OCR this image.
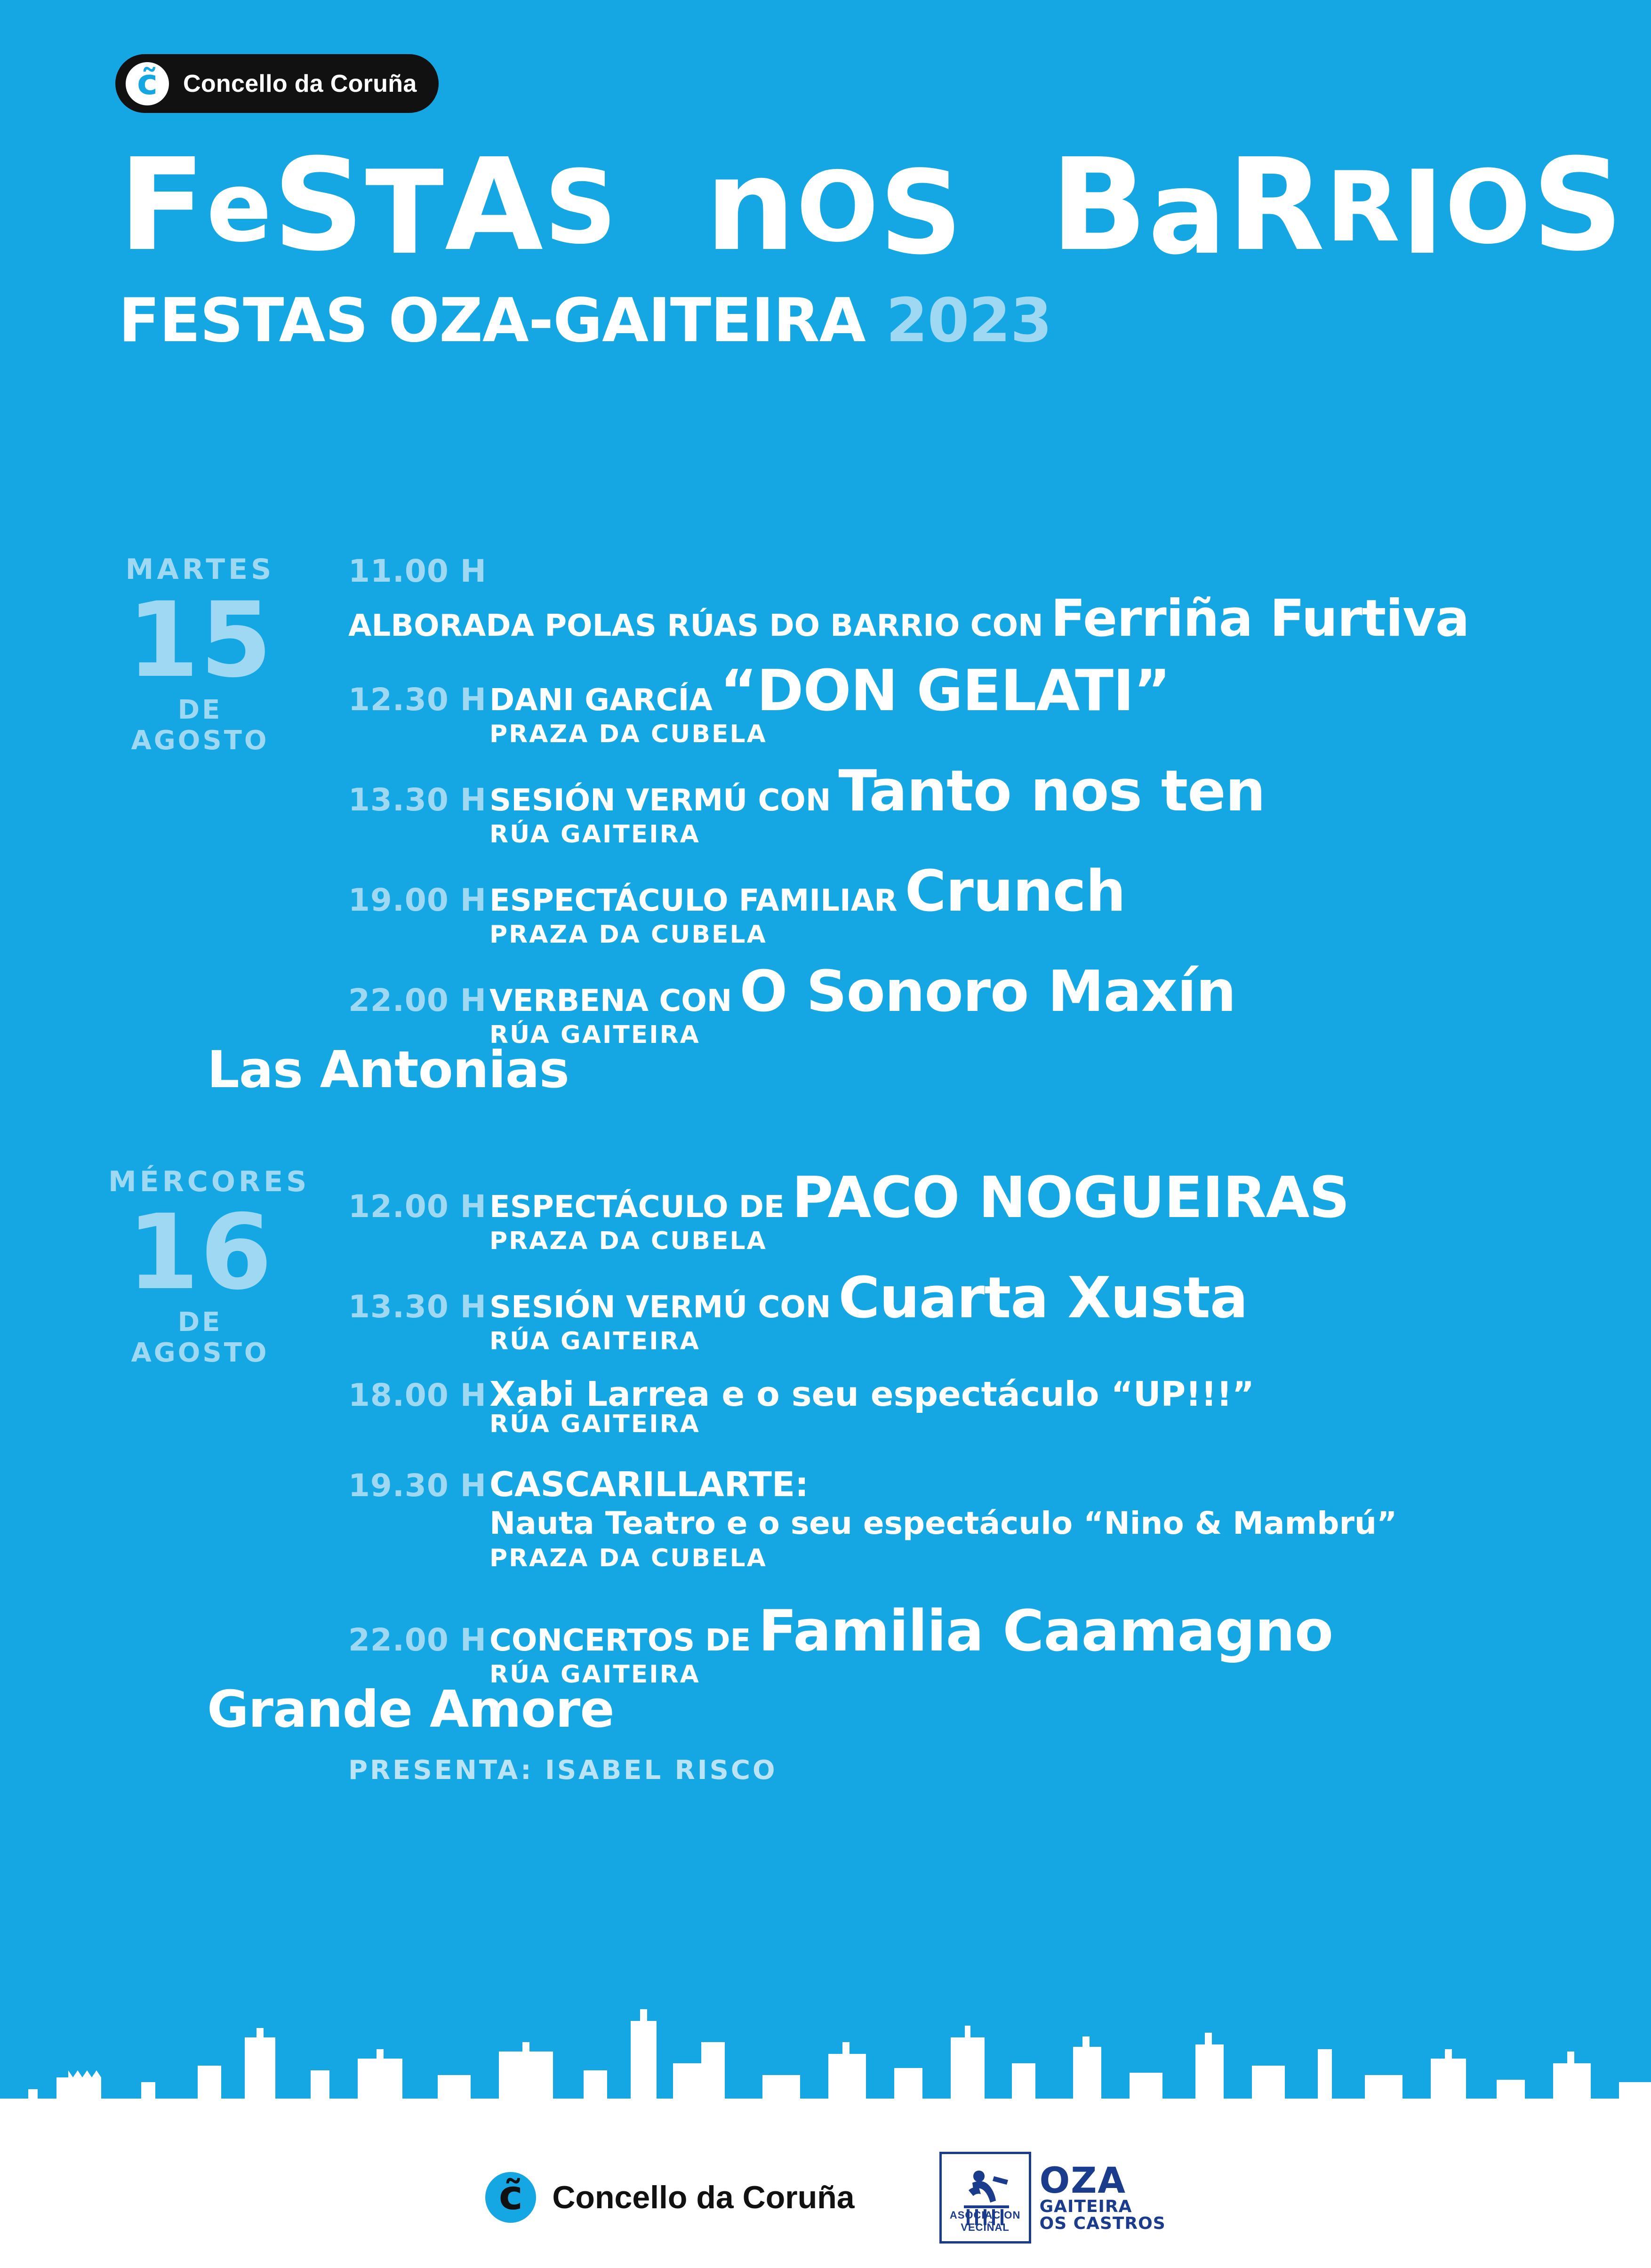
c̃ Concello da Coruña
FeSTAS nOS BaRRIOS
FESTAS OZA-GAITEIRA 2023
MARTES
15
DE AGOSTO
11.00 H
ALBORADA POLAS RÚAS DO BARRIO CON Ferriña Furtiva
12.30 H DANI GARCÍA “DON GELATI”
PRAZA DA CUBELA
13.30 H SESIÓN VERMÚ CON Tanto nos ten
RÚA GAITEIRA
19.00 H ESPECTÁCULO FAMILIAR Crunch
PRAZA DA CUBELA
22.00 H VERBENA CON O Sonoro Maxín
RÚA GAITEIRA
Las Antonias
MÉRCORES
16
DE AGOSTO
12.00 H ESPECTÁCULO DE PACO NOGUEIRAS
PRAZA DA CUBELA
13.30 H SESIÓN VERMÚ CON Cuarta Xusta
RÚA GAITEIRA
18.00 H Xabi Larrea e o seu espectáculo “UP!!!”
RÚA GAITEIRA
19.30 H CASCARILLARTE:
Nauta Teatro e o seu espectáculo “Nino & Mambrú”
PRAZA DA CUBELA
22.00 H CONCERTOS DE Familia Caamagno
RÚA GAITEIRA
Grande Amore
PRESENTA: ISABEL RISCO
c̃ Concello da Coruña	ASOCIACION VECIÑAL
OZA
GAITEIRA
OS CASTROS
